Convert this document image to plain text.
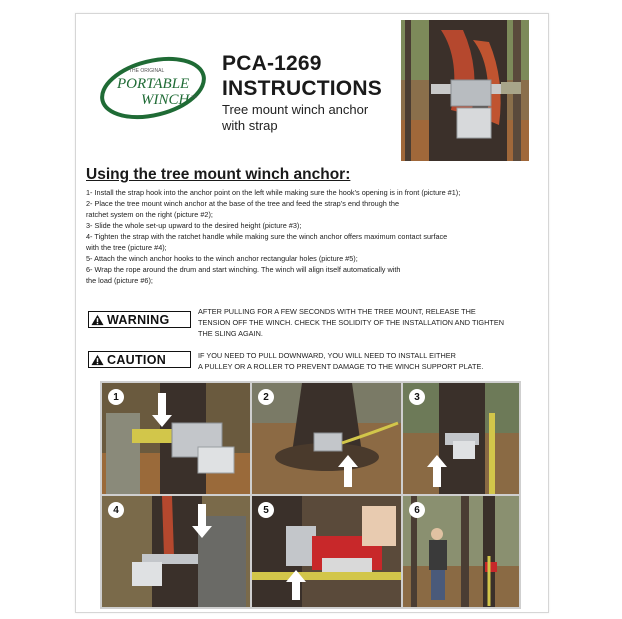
THE ORIGINAL
PORTABLE
WINCH TM
PCA-1269
INSTRUCTIONS
Tree mount winch anchor
with strap
Using the tree mount winch anchor:
1- Install the strap hook into the anchor point on the left while making sure the hook’s opening is in front (picture #1);
2- Place the tree mount winch anchor at the base of the tree and feed the strap’s end through the
ratchet system on the right (picture #2);
3- Slide the whole set-up upward to the desired height (picture #3);
4- Tighten the strap with the ratchet handle while making sure the winch anchor offers maximum contact surface
with the tree (picture #4);
5- Attach the winch anchor hooks to the winch anchor rectangular holes (picture #5);
6- Wrap the rope around the drum and start winching. The winch will align itself automatically with
the load (picture #6);
WARNING
AFTER PULLING FOR A FEW SECONDS WITH THE TREE MOUNT, RELEASE THE
TENSION OFF THE WINCH. CHECK THE SOLIDITY OF THE INSTALLATION AND TIGHTEN
THE SLING AGAIN.
CAUTION	IF YOU NEED TO PULL DOWNWARD, YOU WILL NEED TO INSTALL EITHER
A PULLEY OR A ROLLER TO PREVENT DAMAGE TO THE WINCH SUPPORT PLATE.
1	2	3
4	5	6
